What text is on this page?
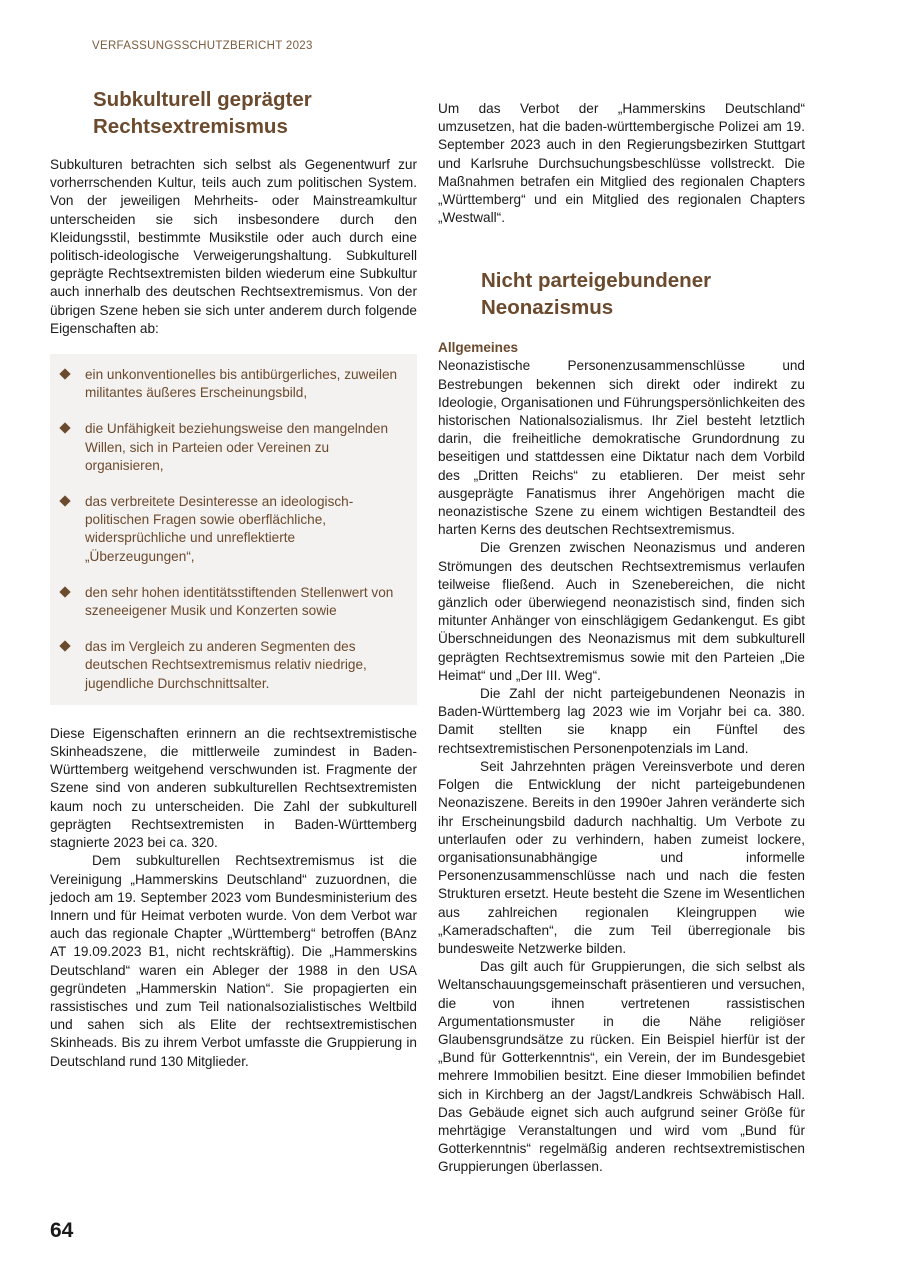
VERFASSUNGSSCHUTZBERICHT 2023
Subkulturell geprägter Rechtsextremismus

Subkulturen betrachten sich selbst als Gegenentwurf zur vorherrschenden Kultur, teils auch zum politischen System. Von der jeweiligen Mehrheits- oder Mainstreamkultur unterscheiden sie sich insbesondere durch den Kleidungsstil, bestimmte Musikstile oder auch durch eine politisch-ideologische Verweigerungshaltung. Subkulturell geprägte Rechtsextremisten bilden wiederum eine Subkultur auch innerhalb des deutschen Rechtsextremismus. Von der übrigen Szene heben sie sich unter anderem durch folgende Eigenschaften ab:

ein unkonventionelles bis antibürgerliches, zuweilen militantes äußeres Erscheinungsbild,
die Unfähigkeit beziehungsweise den mangelnden Willen, sich in Parteien oder Vereinen zu organisieren,
das verbreitete Desinteresse an ideologisch-politischen Fragen sowie oberflächliche, widersprüchliche und unreflektierte „Überzeugungen“,
den sehr hohen identitätsstiftenden Stellenwert von szeneeigener Musik und Konzerten sowie
das im Vergleich zu anderen Segmenten des deutschen Rechtsextremismus relativ niedrige, jugendliche Durchschnittsalter.

Diese Eigenschaften erinnern an die rechtsextremistische Skinheadszene, die mittlerweile zumindest in Baden-Württemberg weitgehend verschwunden ist. Fragmente der Szene sind von anderen subkulturellen Rechtsextremisten kaum noch zu unterscheiden. Die Zahl der subkulturell geprägten Rechtsextremisten in Baden-Württemberg stagnierte 2023 bei ca. 320.

Dem subkulturellen Rechtsextremismus ist die Vereinigung „Hammerskins Deutschland“ zuzuordnen, die jedoch am 19. September 2023 vom Bundesministerium des Innern und für Heimat verboten wurde. Von dem Verbot war auch das regionale Chapter „Württemberg“ betroffen (BAnz AT 19.09.2023 B1, nicht rechtskräftig). Die „Hammerskins Deutschland“ waren ein Ableger der 1988 in den USA gegründeten „Hammerskin Nation“. Sie propagierten ein rassistisches und zum Teil nationalsozialistisches Weltbild und sahen sich als Elite der rechtsextremistischen Skinheads. Bis zu ihrem Verbot umfasste die Gruppierung in Deutschland rund 130 Mitglieder.

Um das Verbot der „Hammerskins Deutschland“ umzusetzen, hat die baden-württembergische Polizei am 19. September 2023 auch in den Regierungsbezirken Stuttgart und Karlsruhe Durchsuchungsbeschlüsse vollstreckt. Die Maßnahmen betrafen ein Mitglied des regionalen Chapters „Württemberg“ und ein Mitglied des regionalen Chapters „Westwall“.

Nicht parteigebundener Neonazismus
Allgemeines

Neonazistische Personenzusammenschlüsse und Bestrebungen bekennen sich direkt oder indirekt zu Ideologie, Organisationen und Führungspersönlichkeiten des historischen Nationalsozialismus. Ihr Ziel besteht letztlich darin, die freiheitliche demokratische Grundordnung zu beseitigen und stattdessen eine Diktatur nach dem Vorbild des „Dritten Reichs“ zu etablieren. Der meist sehr ausgeprägte Fanatismus ihrer Angehörigen macht die neonazistische Szene zu einem wichtigen Bestandteil des harten Kerns des deutschen Rechtsextremismus.

Die Grenzen zwischen Neonazismus und anderen Strömungen des deutschen Rechtsextremismus verlaufen teilweise fließend. Auch in Szenebereichen, die nicht gänzlich oder überwiegend neonazistisch sind, finden sich mitunter Anhänger von einschlägigem Gedankengut. Es gibt Überschneidungen des Neonazismus mit dem subkulturell geprägten Rechtsextremismus sowie mit den Parteien „Die Heimat“ und „Der III. Weg“.

Die Zahl der nicht parteigebundenen Neonazis in Baden-Württemberg lag 2023 wie im Vorjahr bei ca. 380. Damit stellten sie knapp ein Fünftel des rechtsextremistischen Personenpotenzials im Land.

Seit Jahrzehnten prägen Vereinsverbote und deren Folgen die Entwicklung der nicht parteigebundenen Neonaziszene. Bereits in den 1990er Jahren veränderte sich ihr Erscheinungsbild dadurch nachhaltig. Um Verbote zu unterlaufen oder zu verhindern, haben zumeist lockere, organisationsunabhängige und informelle Personenzusammenschlüsse nach und nach die festen Strukturen ersetzt. Heute besteht die Szene im Wesentlichen aus zahlreichen regionalen Kleingruppen wie „Kameradschaften“, die zum Teil überregionale bis bundesweite Netzwerke bilden.

Das gilt auch für Gruppierungen, die sich selbst als Weltanschauungsgemeinschaft präsentieren und versuchen, die von ihnen vertretenen rassistischen Argumentationsmuster in die Nähe religiöser Glaubensgrundsätze zu rücken. Ein Beispiel hierfür ist der „Bund für Gotterkenntnis“, ein Verein, der im Bundesgebiet mehrere Immobilien besitzt. Eine dieser Immobilien befindet sich in Kirchberg an der Jagst/Landkreis Schwäbisch Hall. Das Gebäude eignet sich auch aufgrund seiner Größe für mehrtägige Veranstaltungen und wird vom „Bund für Gotterkenntnis“ regelmäßig anderen rechtsextremistischen Gruppierungen überlassen.

64
